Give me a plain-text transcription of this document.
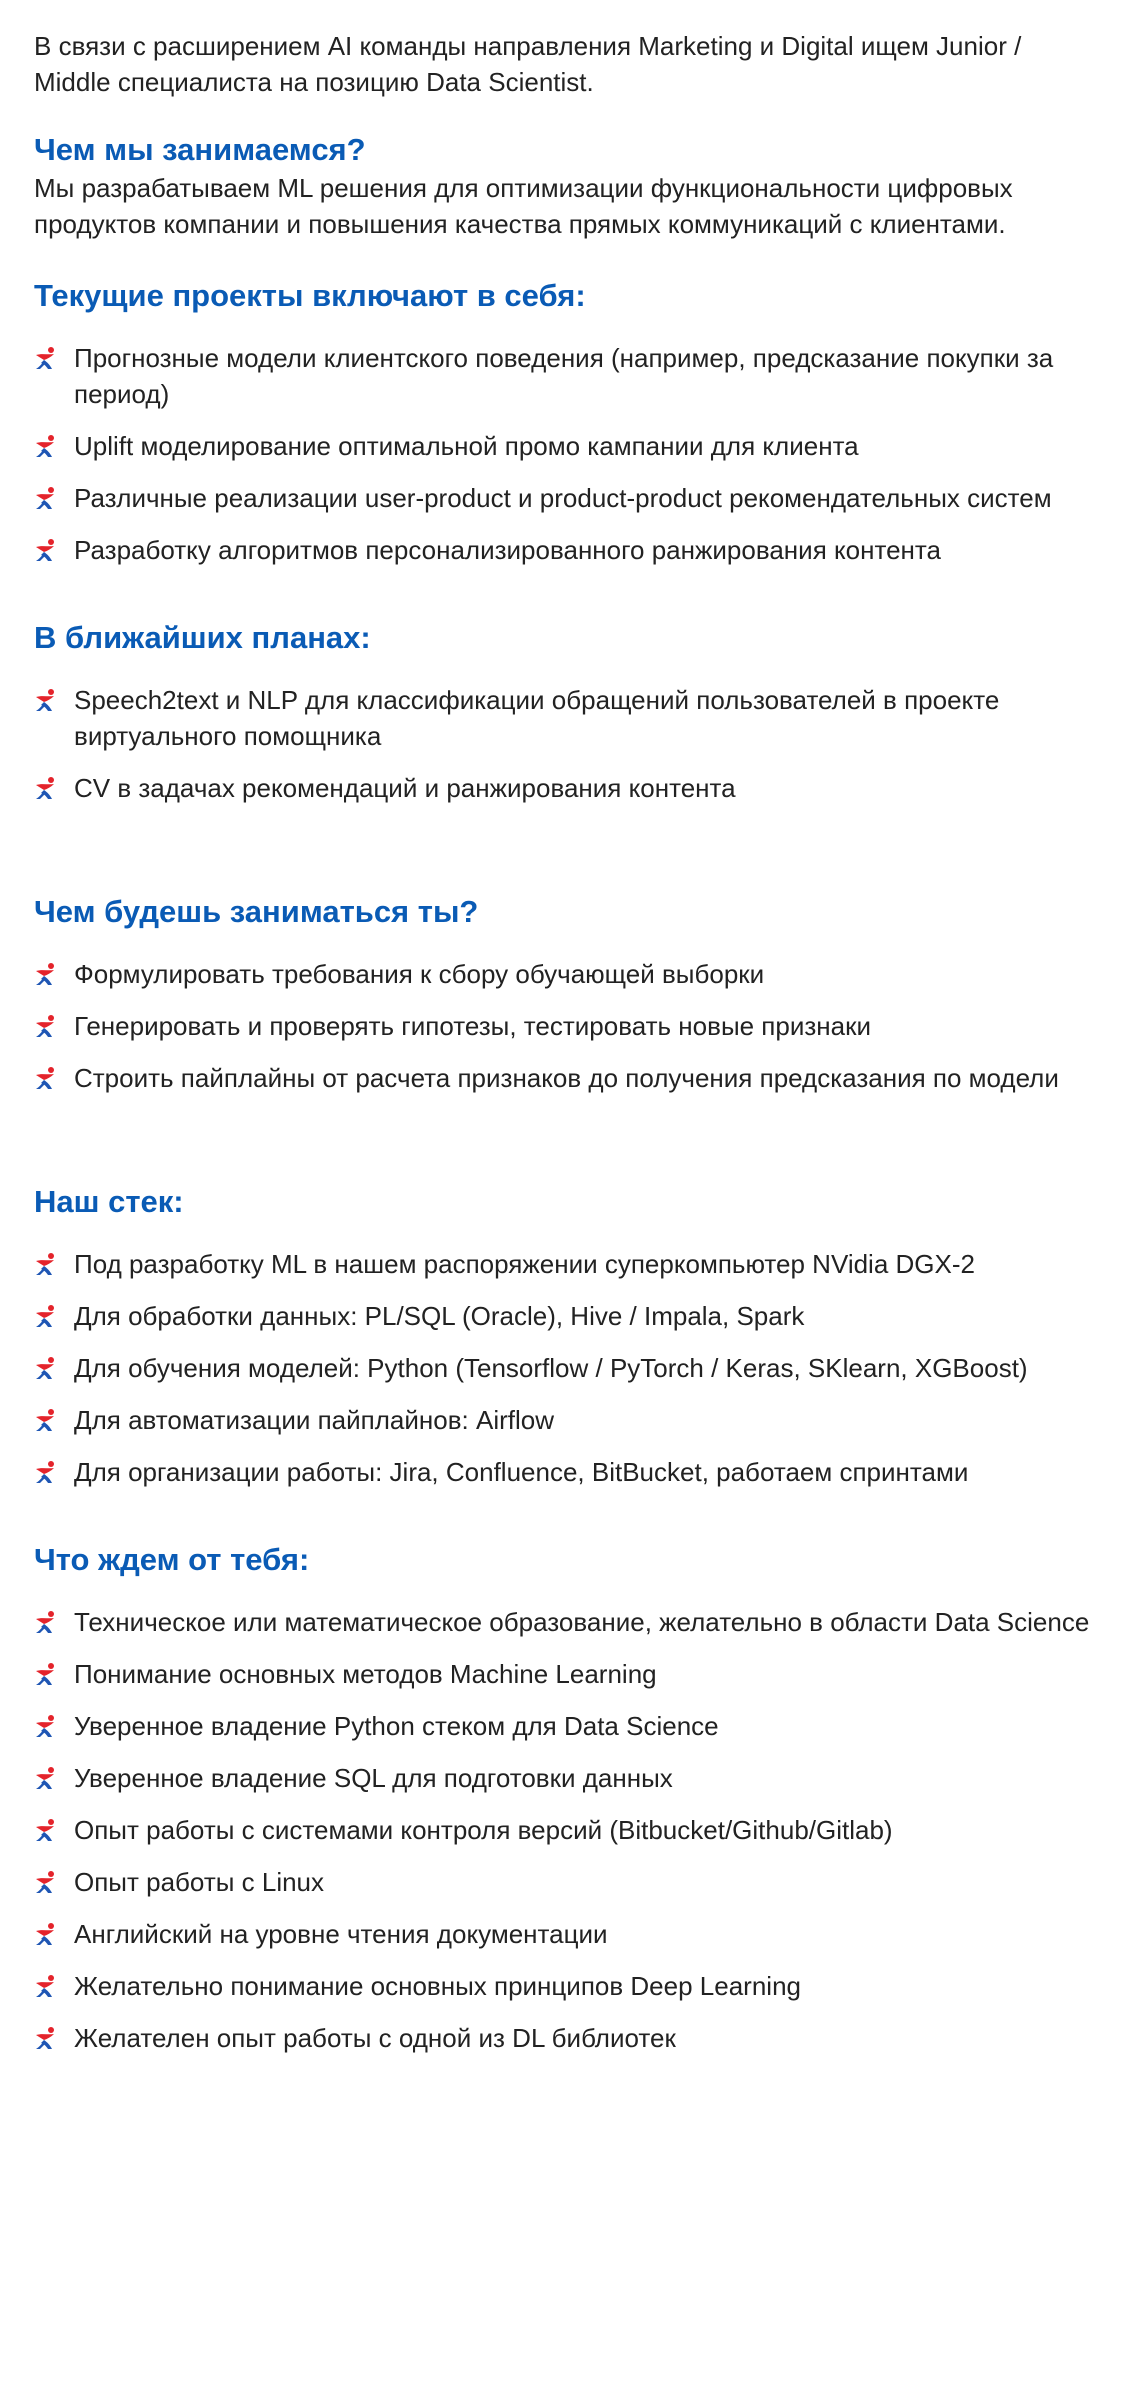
В связи с расширением AI команды направления Marketing и Digital ищем Junior / Middle специалиста на позицию Data Scientist.

Чем мы занимаемся?

Мы разрабатываем ML решения для оптимизации функциональности цифровых продуктов компании и повышения качества прямых коммуникаций с клиентами.

Текущие проекты включают в себя:
Прогнозные модели клиентского поведения (например, предсказание покупки за период)
Uplift моделирование оптимальной промо кампании для клиента
Различные реализации user-product и product-product рекомендательных систем
Разработку алгоритмов персонализированного ранжирования контента
В ближайших планах:
Speech2text и NLP для классификации обращений пользователей в проекте виртуального помощника
CV в задачах рекомендаций и ранжирования контента
Чем будешь заниматься ты?
Формулировать требования к сбору обучающей выборки
Генерировать и проверять гипотезы, тестировать новые признаки
Строить пайплайны от расчета признаков до получения предсказания по модели
Наш стек:
Под разработку ML в нашем распоряжении суперкомпьютер NVidia DGX-2
Для обработки данных: PL/SQL (Oracle), Hive / Impala, Spark
Для обучения моделей: Python (Tensorflow / PyTorch / Keras, SKlearn, XGBoost)
Для автоматизации пайплайнов: Airflow
Для организации работы: Jira, Confluence, BitBucket, работаем спринтами
Что ждем от тебя:
Техническое или математическое образование, желательно в области Data Science
Понимание основных методов Machine Learning
Уверенное владение Python стеком для Data Science
Уверенное владение SQL для подготовки данных
Опыт работы с системами контроля версий (Bitbucket/Github/Gitlab)
Опыт работы с Linux
Английский на уровне чтения документации
Желательно понимание основных принципов Deep Learning
Желателен опыт работы с одной из DL библиотек
